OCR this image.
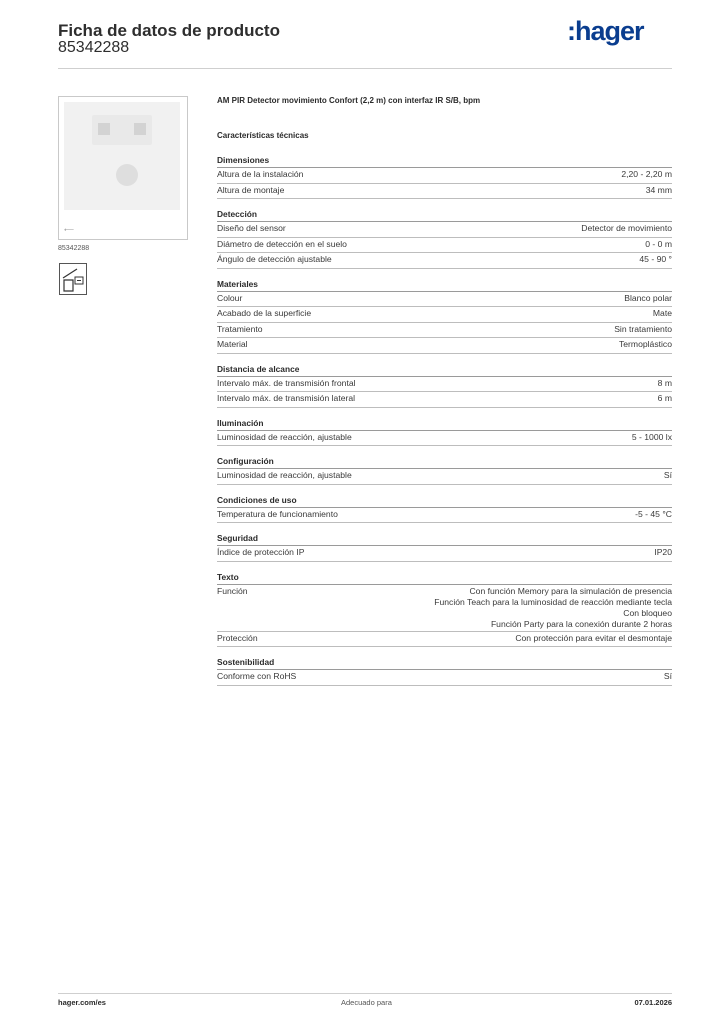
Ficha de datos de producto
85342288
:hager
⟵
85342288
AM PIR Detector movimiento Confort (2,2 m) con interfaz IR S/B, bpm
Características técnicas
Dimensiones
Altura de la instalación	2,20 - 2,20 m
Altura de montaje	34 mm
Detección
Diseño del sensor	Detector de movimiento
Diámetro de detección en el suelo	0 - 0 m
Ángulo de detección ajustable	45 - 90 °
Materiales
Colour	Blanco polar
Acabado de la superficie	Mate
Tratamiento	Sin tratamiento
Material	Termoplástico
Distancia de alcance
Intervalo máx. de transmisión frontal	8 m
Intervalo máx. de transmisión lateral	6 m
Iluminación
Luminosidad de reacción, ajustable	5 - 1000 lx
Configuración
Luminosidad de reacción, ajustable	Sí
Condiciones de uso
Temperatura de funcionamiento	-5 - 45 °C
Seguridad
Índice de protección IP	IP20
Texto
Función	Con función Memory para la simulación de presencia
Función Teach para la luminosidad de reacción mediante tecla
Con bloqueo
Función Party para la conexión durante 2 horas
Protección	Con protección para evitar el desmontaje
Sostenibilidad
Conforme con RoHS	Sí
hager.com/es	Adecuado para	07.01.2026
